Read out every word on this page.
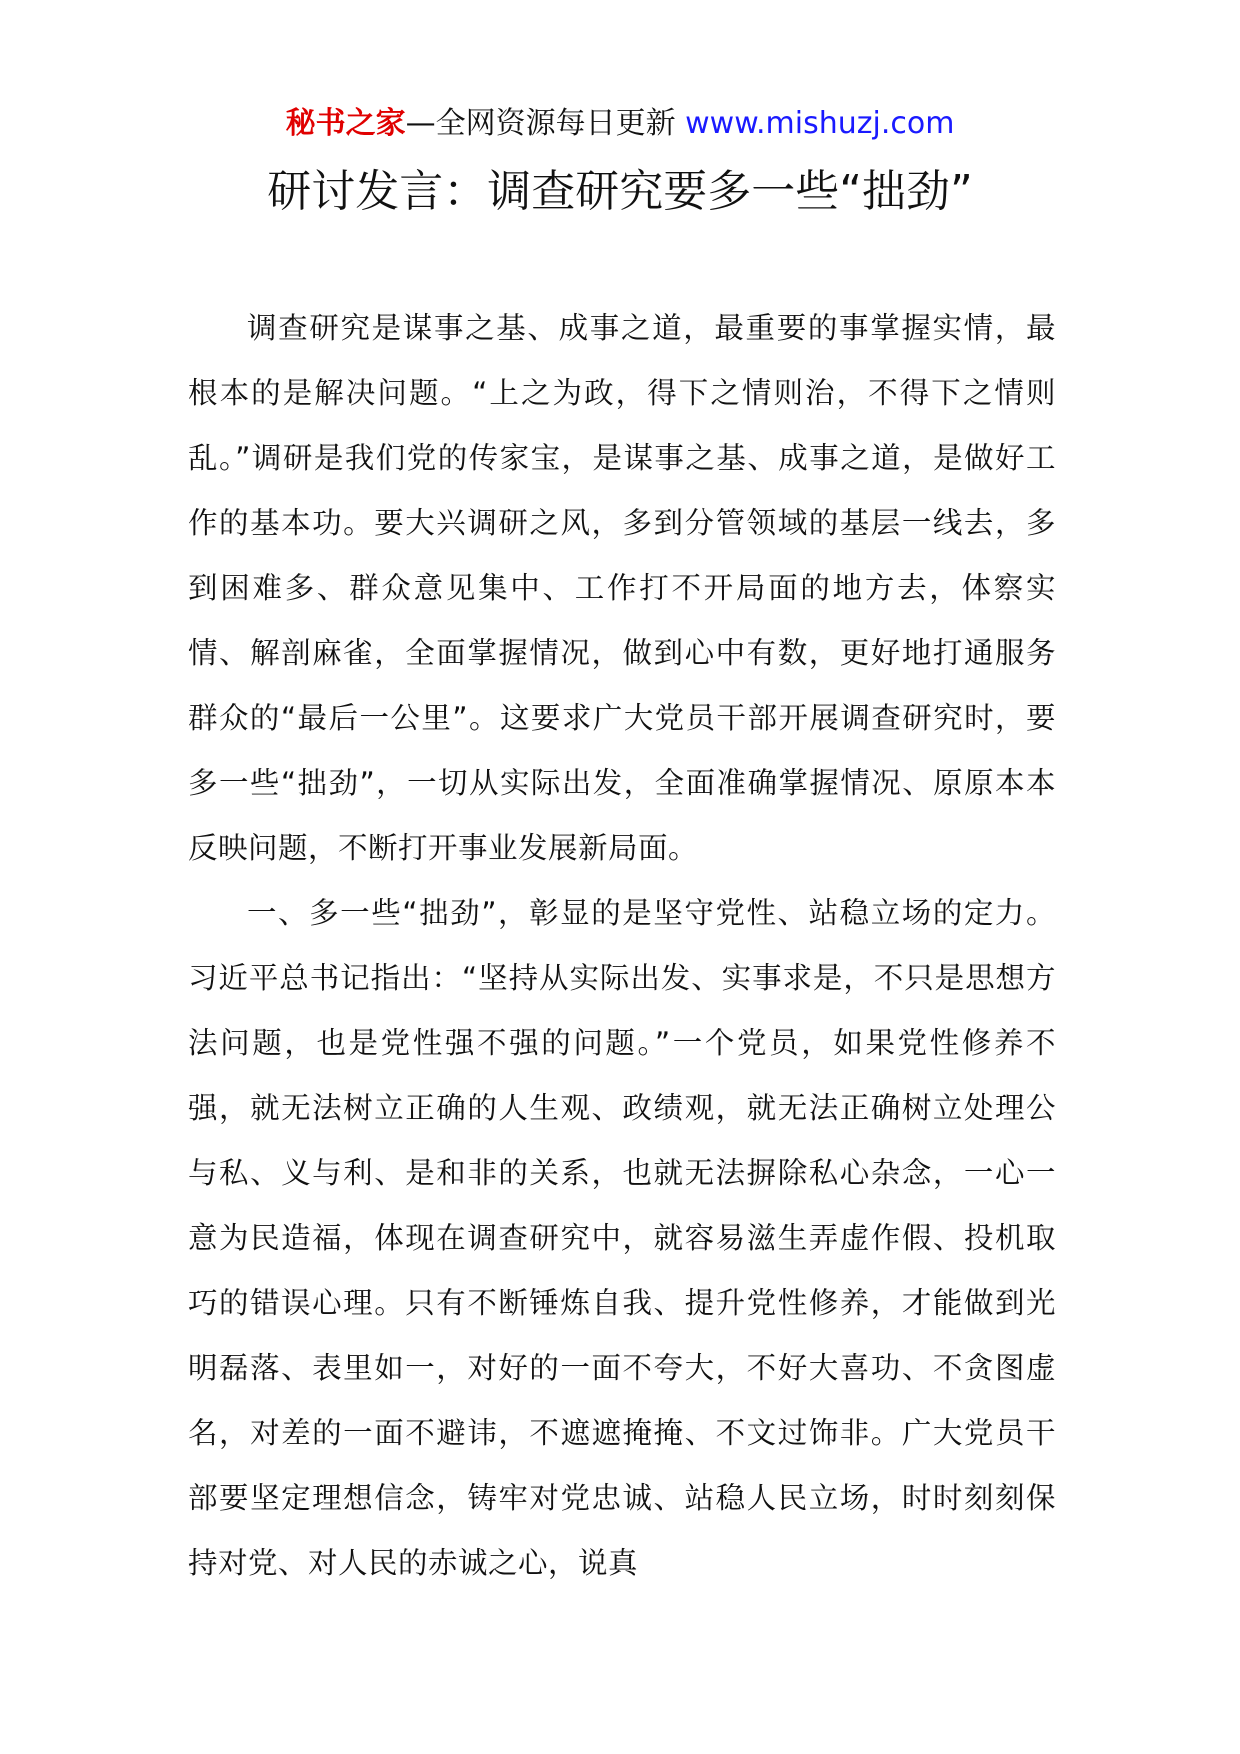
秘书之家—全网资源每日更新 www.mishuzj.com
研讨发言：调查研究要多一些“拙劲”

调查研究是谋事之基、成事之道，最重要的事掌握实情，最根本的是解决问题。“上之为政，得下之情则治，不得下之情则乱。”调研是我们党的传家宝，是谋事之基、成事之道，是做好工作的基本功。要大兴调研之风，多到分管领域的基层一线去，多到困难多、群众意见集中、工作打不开局面的地方去，体察实情、解剖麻雀，全面掌握情况，做到心中有数，更好地打通服务群众的“最后一公里”。这要求广大党员干部开展调查研究时，要多一些“拙劲”，一切从实际出发，全面准确掌握情况、原原本本反映问题，不断打开事业发展新局面。

一、多一些“拙劲”，彰显的是坚守党性、站稳立场的定力。习近平总书记指出：“坚持从实际出发、实事求是，不只是思想方法问题，也是党性强不强的问题。”一个党员，如果党性修养不强，就无法树立正确的人生观、政绩观，就无法正确树立处理公与私、义与利、是和非的关系，也就无法摒除私心杂念，一心一意为民造福，体现在调查研究中，就容易滋生弄虚作假、投机取巧的错误心理。只有不断锤炼自我、提升党性修养，才能做到光明磊落、表里如一，对好的一面不夸大，不好大喜功、不贪图虚名，对差的一面不避讳，不遮遮掩掩、不文过饰非。广大党员干部要坚定理想信念，铸牢对党忠诚、站稳人民立场，时时刻刻保持对党、对人民的赤诚之心，说真
